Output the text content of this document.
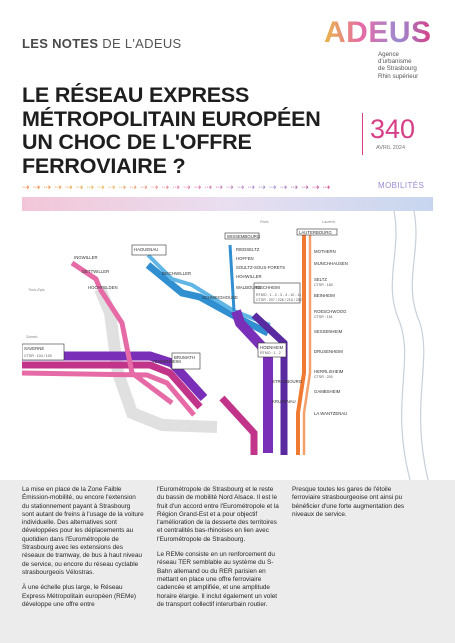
LES NOTES DE L'ADEUS	ADEUS
Agence
d'urbanisme
de Strasbourg
Rhin supérieur
LE RÉSEAU EXPRESS
MÉTROPOLITAIN EUROPÉEN
UN CHOC DE L'OFFRE FERROVIAIRE ?
340
AVRIL 2024
⇢⇢⇢⇢⇢⇢⇢⇢⇢⇢⇢⇢⇢⇢⇢⇢⇢⇢⇢⇢⇢⇢⇢⇢⇢⇢⇢⇢⇢	MOBILITÉS
WISSEMBOURG
RIEDSELTZ
HOFFEN
SOULTZ-SOUS-FORETS
HOHWILLER
WALBOURG
LAUTERBOURG
MOTHERN
MUNCHHAUSEN
SELTZ
BEINHEIM
ROESCHWOOG
SESSENHEIM
DRUSENHEIM
HERRLISHEIM
GAMBSHEIM
LA WANTZENAU
SAVERNE
INGWILLER
DETTWILLER
HOCHFELDEN
BRUMATH
VENDENHEIM
HAGUENAU
BISCHWILLER
SCHWEIGHOUSE
BISCHHEIM
HOENHEIM
STRASBOURG
KRUTENAU
CTSR : 104 / 100
RTMO : 1 - 2 - 3 - 4 - 10 - 11
CTSR : 207 / 226 / 215 / 252
CTSR : 160
CTSR : 151
RTMO : 1 - 2
CTSR : 200
Trois-Epis
Sarreb.
Paris	Lauterb.

La mise en place de la Zone Faible Émission-mobilité, ou encore l'extension du stationnement payant à Strasbourg sont autant de freins à l'usage de la voiture individuelle. Des alternatives sont développées pour les déplacements au quotidien dans l'Eurométropole de Strasbourg avec les extensions des réseaux de tramway, de bus à haut niveau de service, ou encore du réseau cyclable strasbourgeois Vélostras.

À une échelle plus large, le Réseau Express Métropolitain européen (REMe) développe une offre entre

l'Eurométropole de Strasbourg et le reste du bassin de mobilité Nord Alsace. Il est le fruit d'un accord entre l'Eurométropole et la Région Grand-Est et a pour objectif l'amélioration de la desserte des territoires et centralités bas-rhinoises en lien avec l'Eurométropole de Strasbourg.

Le REMe consiste en un renforcement du réseau TER semblable au système du S-Bahn allemand ou du RER parisien en mettant en place une offre ferroviaire cadencée et amplifiée, et une amplitude horaire élargie. Il inclut également un volet de transport collectif interurbain routier.

Presque toutes les gares de l'étoile ferroviaire strasbourgeoise ont ainsi pu bénéficier d'une forte augmentation des niveaux de service.
